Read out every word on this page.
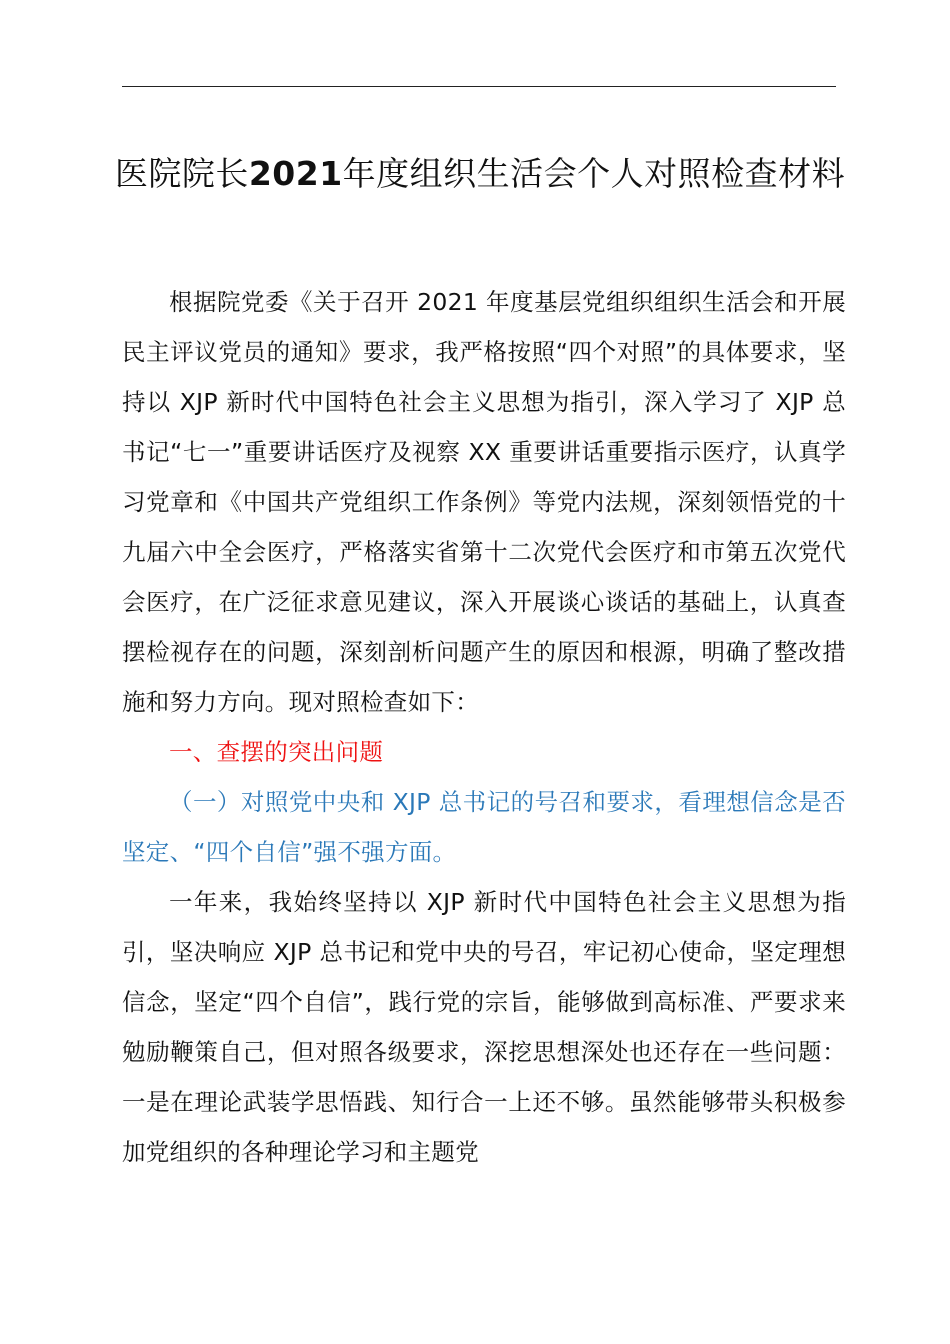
医院院长2021年度组织生活会个人对照检查材料

根据院党委《关于召开 2021 年度基层党组织组织生活会和开展民主评议党员的通知》要求，我严格按照“四个对照”的具体要求，坚持以 XJP 新时代中国特色社会主义思想为指引，深入学习了 XJP 总书记“七一”重要讲话医疗及视察 XX 重要讲话重要指示医疗，认真学习党章和《中国共产党组织工作条例》等党内法规，深刻领悟党的十九届六中全会医疗，严格落实省第十二次党代会医疗和市第五次党代会医疗，在广泛征求意见建议，深入开展谈心谈话的基础上，认真查摆检视存在的问题，深刻剖析问题产生的原因和根源，明确了整改措施和努力方向。现对照检查如下：

一、查摆的突出问题

（一）对照党中央和 XJP 总书记的号召和要求，看理想信念是否坚定、“四个自信”强不强方面。

一年来，我始终坚持以 XJP 新时代中国特色社会主义思想为指引，坚决响应 XJP 总书记和党中央的号召，牢记初心使命，坚定理想信念，坚定“四个自信”，践行党的宗旨，能够做到高标准、严要求来勉励鞭策自己，但对照各级要求，深挖思想深处也还存在一些问题：一是在理论武装学思悟践、知行合一上还不够。虽然能够带头积极参加党组织的各种理论学习和主题党
